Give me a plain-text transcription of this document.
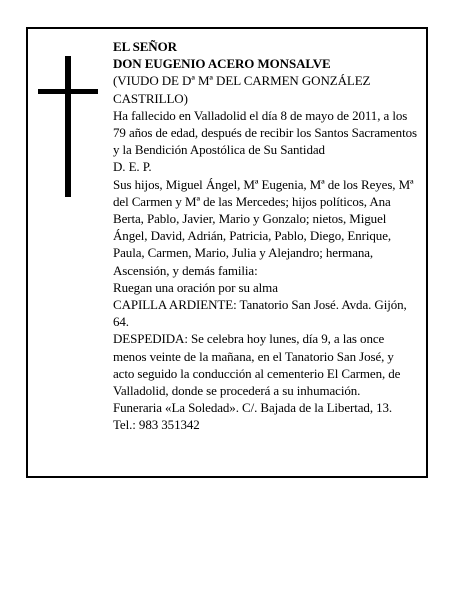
EL SEÑOR

DON EUGENIO ACERO MONSALVE

(VIUDO DE Dª Mª DEL CARMEN GONZÁLEZ CASTRILLO)

Ha fallecido en Valladolid el día 8 de mayo de 2011, a los 79 años de edad, después de recibir los Santos Sacramentos y la Bendición Apostólica de Su Santidad

D. E. P.

Sus hijos, Miguel Ángel, Mª Eugenia, Mª de los Reyes, Mª del Carmen y Mª de las Mercedes; hijos políticos, Ana Berta, Pablo, Javier, Mario y Gonzalo; nietos, Miguel Ángel, David, Adrián, Patricia, Pablo, Diego, Enrique, Paula, Carmen, Mario, Julia y Alejandro; hermana, Ascensión, y demás familia:

Ruegan una oración por su alma

CAPILLA ARDIENTE: Tanatorio San José. Avda. Gijón, 64.

DESPEDIDA: Se celebra hoy lunes, día 9, a las once menos veinte de la mañana, en el Tanatorio San José, y acto seguido la conducción al cementerio El Carmen, de Valladolid, donde se procederá a su inhumación.

Funeraria «La Soledad». C/. Bajada de la Libertad, 13.

Tel.: 983 351342
